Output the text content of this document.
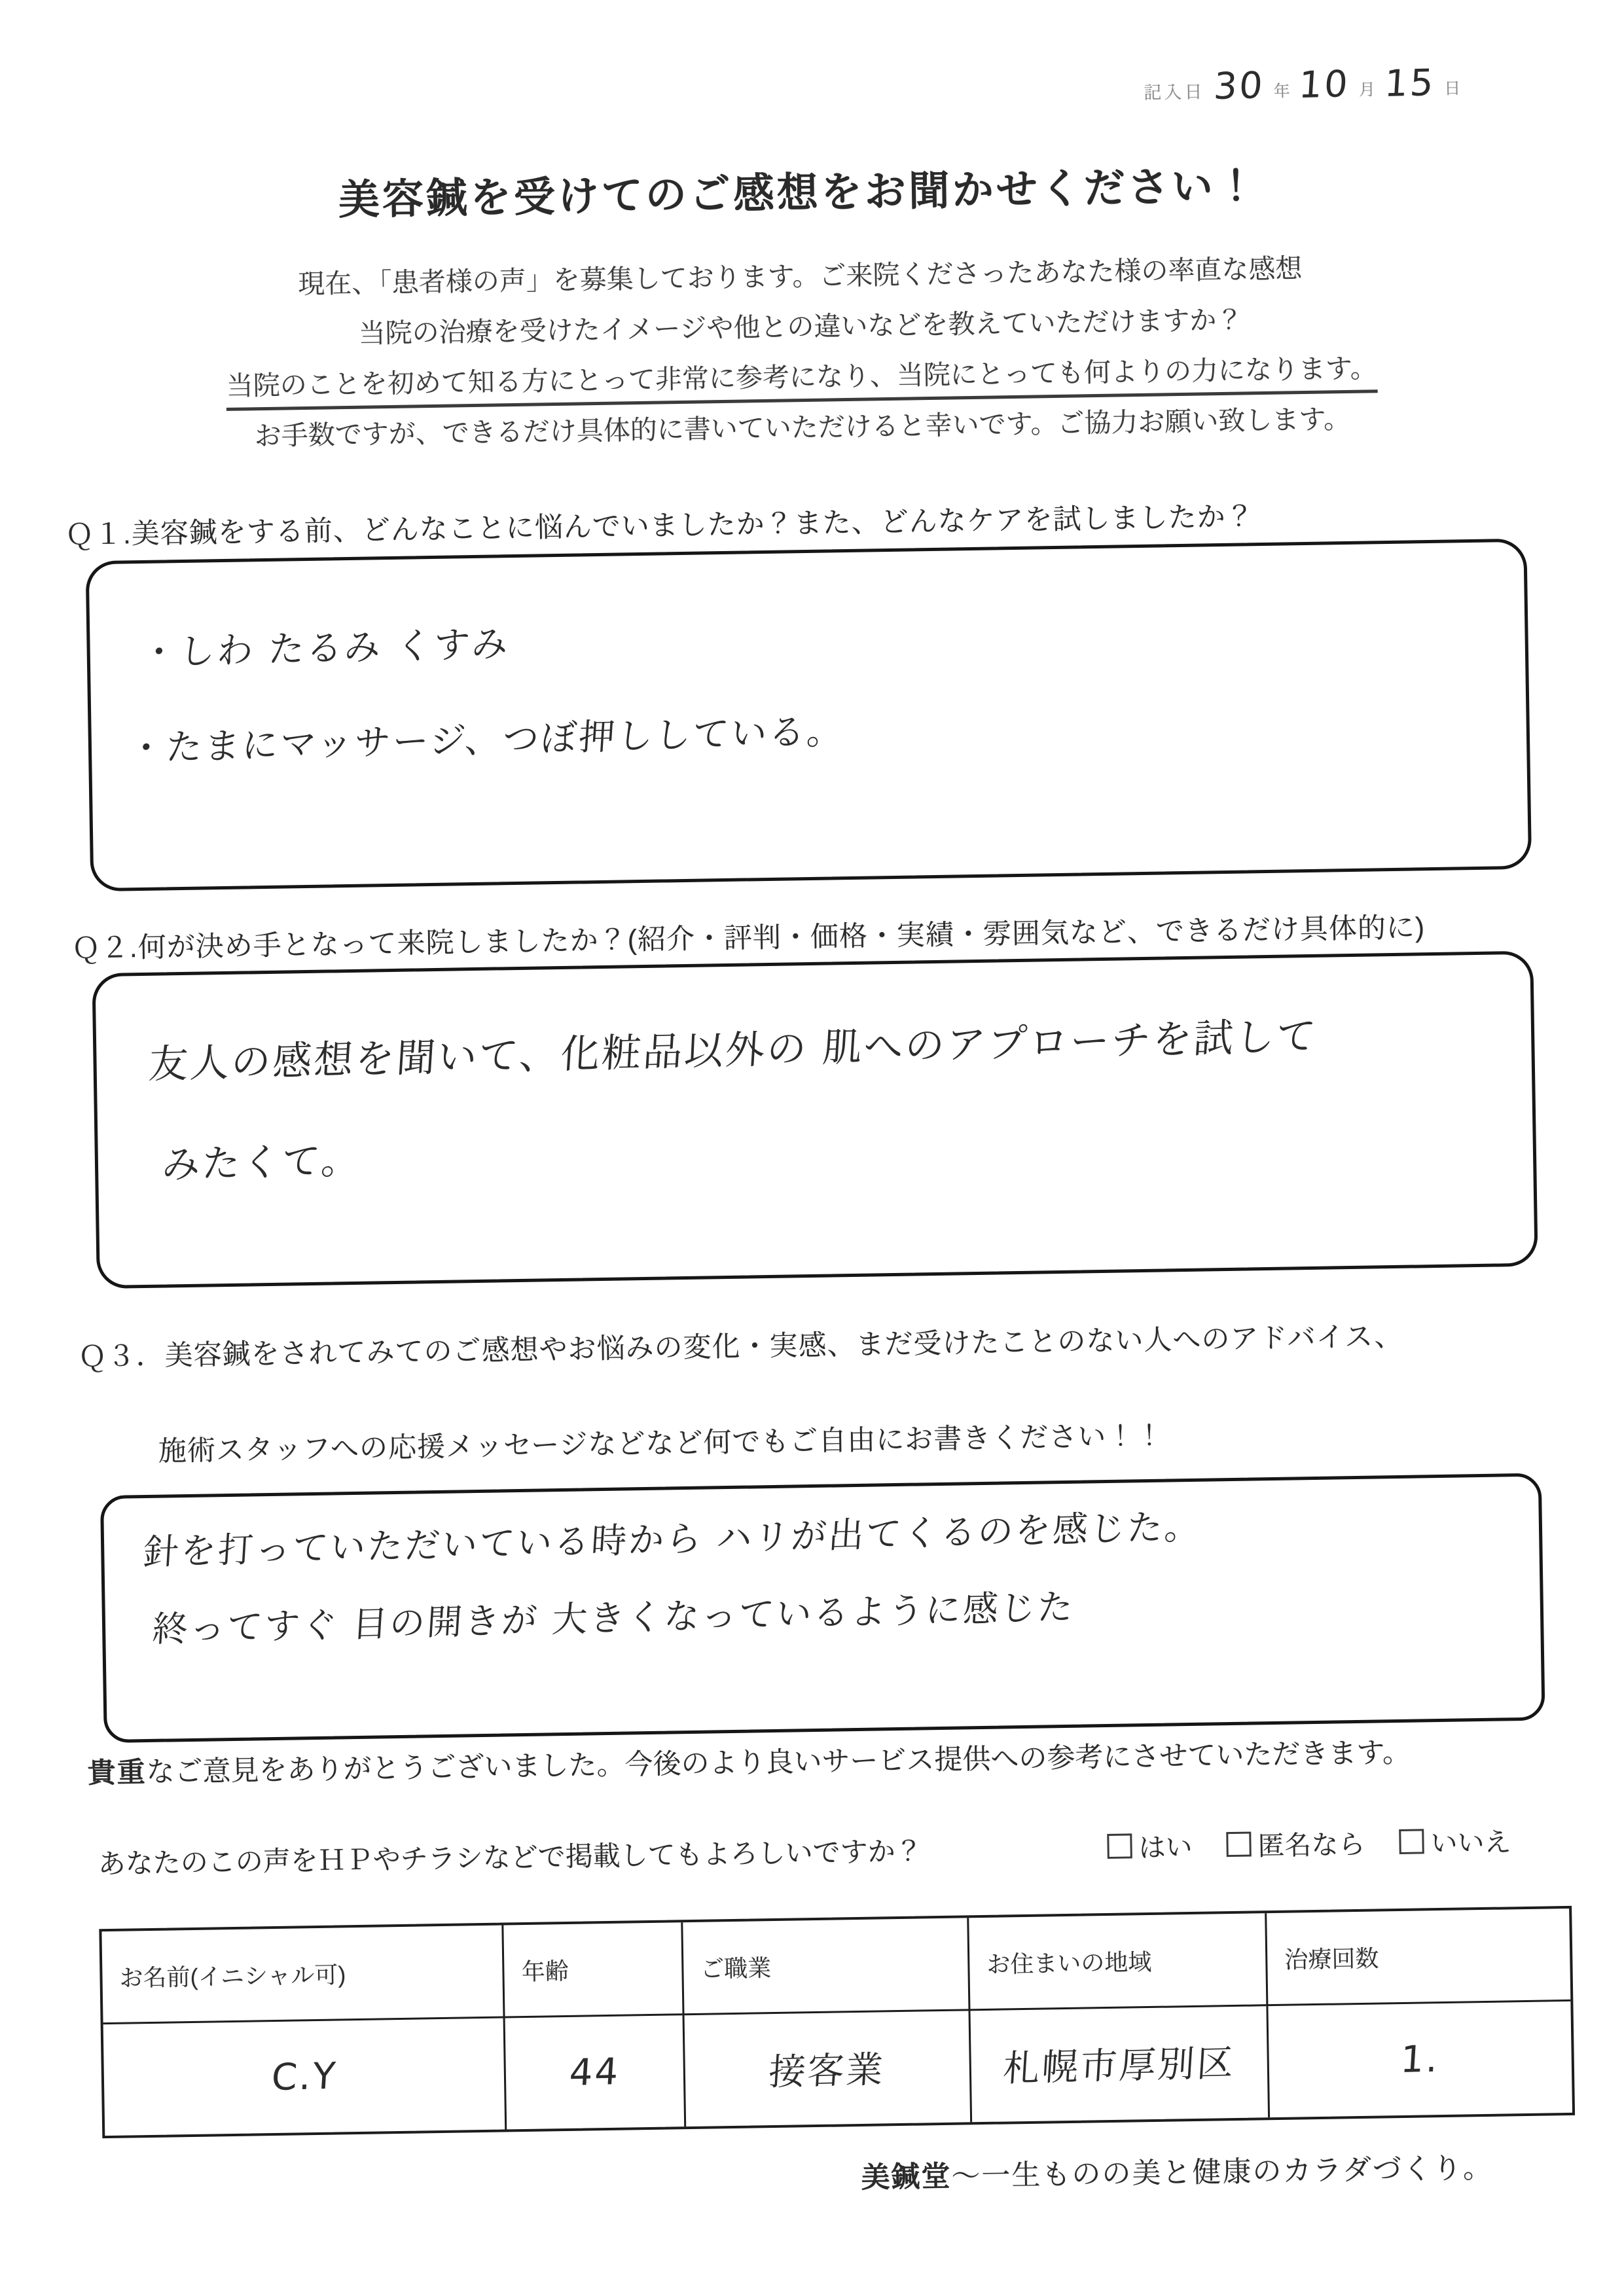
記入日 30 年 10 月 15 日
美容鍼を受けてのご感想をお聞かせください！
現在、「患者様の声」を募集しております。ご来院くださったあなた様の率直な感想
当院の治療を受けたイメージや他との違いなどを教えていただけますか？
当院のことを初めて知る方にとって非常に参考になり、当院にとっても何よりの力になります。
お手数ですが、できるだけ具体的に書いていただけると幸いです。ご協力お願い致します。
Ｑ１.美容鍼をする前、どんなことに悩んでいましたか？また、どんなケアを試しましたか？
・しわ たるみ くすみ
・たまにマッサージ、つぼ押ししている。
Ｑ２.何が決め手となって来院しましたか？(紹介・評判・価格・実績・雰囲気など、できるだけ具体的に)
友人の感想を聞いて、化粧品以外の 肌へのアプローチを試して
みたくて。
Ｑ３．美容鍼をされてみてのご感想やお悩みの変化・実感、まだ受けたことのない人へのアドバイス、
施術スタッフへの応援メッセージなどなど何でもご自由にお書きください！！
針を打っていただいている時から ハリが出てくるのを感じた。
終ってすぐ 目の開きが 大きくなっているように感じた
貴重なご意見をありがとうございました。今後のより良いサービス提供への参考にさせていただきます。
あなたのこの声をＨＰやチラシなどで掲載してもよろしいですか？	はい 匿名なら いいえ
お名前(イニシャル可)	年齢	ご職業	お住まいの地域	治療回数
C.Y	44	接客業	札幌市厚別区	1.
美鍼堂～一生ものの美と健康のカラダづくり。
